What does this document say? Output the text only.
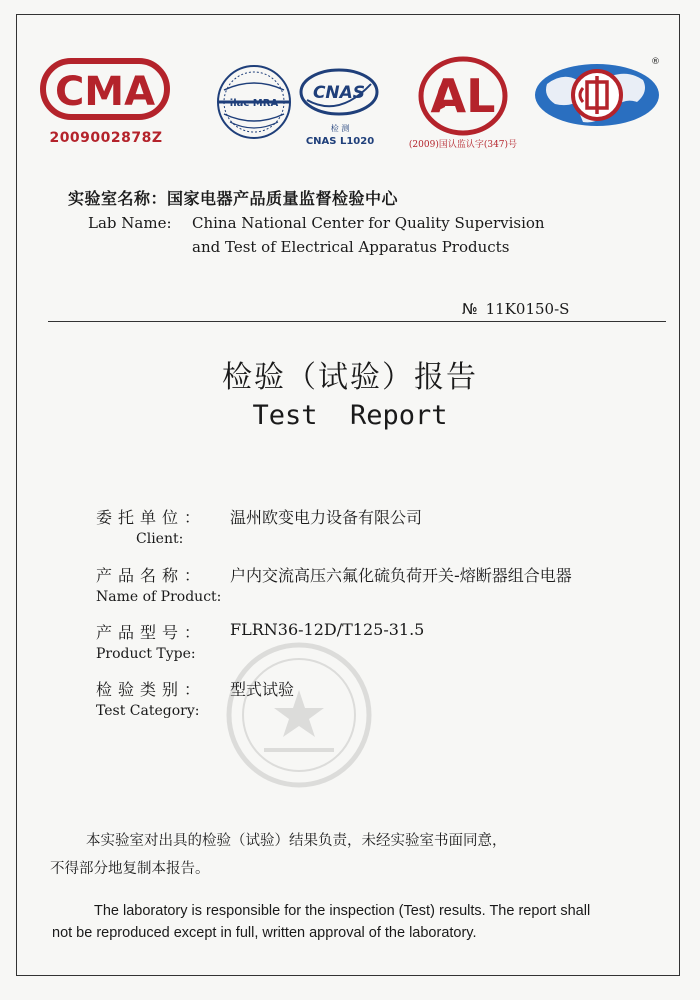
CMA
2009002878Z
ilac MRA
CNAS
检 测
CNAS L1020
AL
(2009)国认监认字(347)号
®
实验室名称：国家电器产品质量监督检验中心
Lab Name: China National Center for Quality Supervision
and Test of Electrical Apparatus Products
№ 11K0150-S
检验（试验）报告
Test  Report
委托单位： 温州欧变电力设备有限公司
Client:
产品名称： 户内交流高压六氟化硫负荷开关-熔断器组合电器
Name of Product:
产品型号： FLRN36-12D/T125-31.5
Product Type:
检验类别： 型式试验
Test Category:
本实验室对出具的检验（试验）结果负责，未经实验室书面同意，
不得部分地复制本报告。
The laboratory is responsible for the inspection (Test) results. The report shall
not be reproduced except in full, written approval of the laboratory.
